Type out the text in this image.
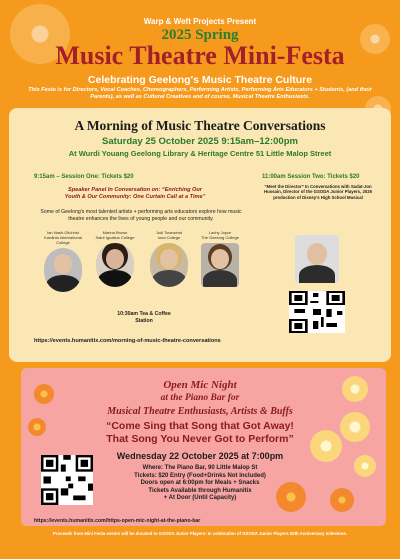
Warp & Weft Projects Present
2025 Spring
Music Theatre Mini-Festa
Celebrating Geelong's Music Theatre Culture
This Festa is for Directors, Vocal Coaches, Choreographers, Performing Artists, Performing Arts Educators + Students, (and their Parents), as well as Cultural Creatives and of course, Musical Theatre Enthusiasts.
A Morning of Music Theatre Conversations
Saturday 25 October 2025 9:15am–12:00pm
At Wurdi Youang Geelong Library & Heritage Centre 51 Little Malop Street
9:15am – Session One: Tickets $20
Speaker Panel In Conversation on: “Enriching Our Youth & Our Community: One Curtain Call at a Time”
Some of Geelong's most talented artists + performing arts educators explore how music theatre enhances the lives of young people and our community.
Ian Nash-Gilchrist
Kardinia International College
Marina Brown
Saint Ignatius College
Jodi Townsend
Iona College
Lachy Joyce
The Geelong College
10:30am Tea & Coffee Station
11:00am Session Two: Tickets $20
“Meet the Director” In Conversations with Sadat-Jon Hussain, Director of the GSODA Junior Players, 2025 production of Disney's High School Musical
https://events.humanitix.com/morning-of-music-theatre-conversations
Open Mic Night
at the Piano Bar for
Musical Theatre Enthusiasts, Artists & Buffs
“Come Sing that Song that Got Away!
That Song You Never Got to Perform”
Wednesday 22 October 2025 at 7:00pm
Where: The Piano Bar, 90 Little Malop St
Tickets: $20 Entry (Food+Drinks Not Included)
Doors open at 6:00pm for Meals + Snacks
Tickets Available through Humanitix
+ At Door (Until Capacity)
https://events.humanitix.com/https-open-mic-night-at-the-piano-bar
Proceeds from Mini Festa events will be donated to GSODA Junior Players: In celebration of GSODA Junior Players 60th Anniversary milestone.
